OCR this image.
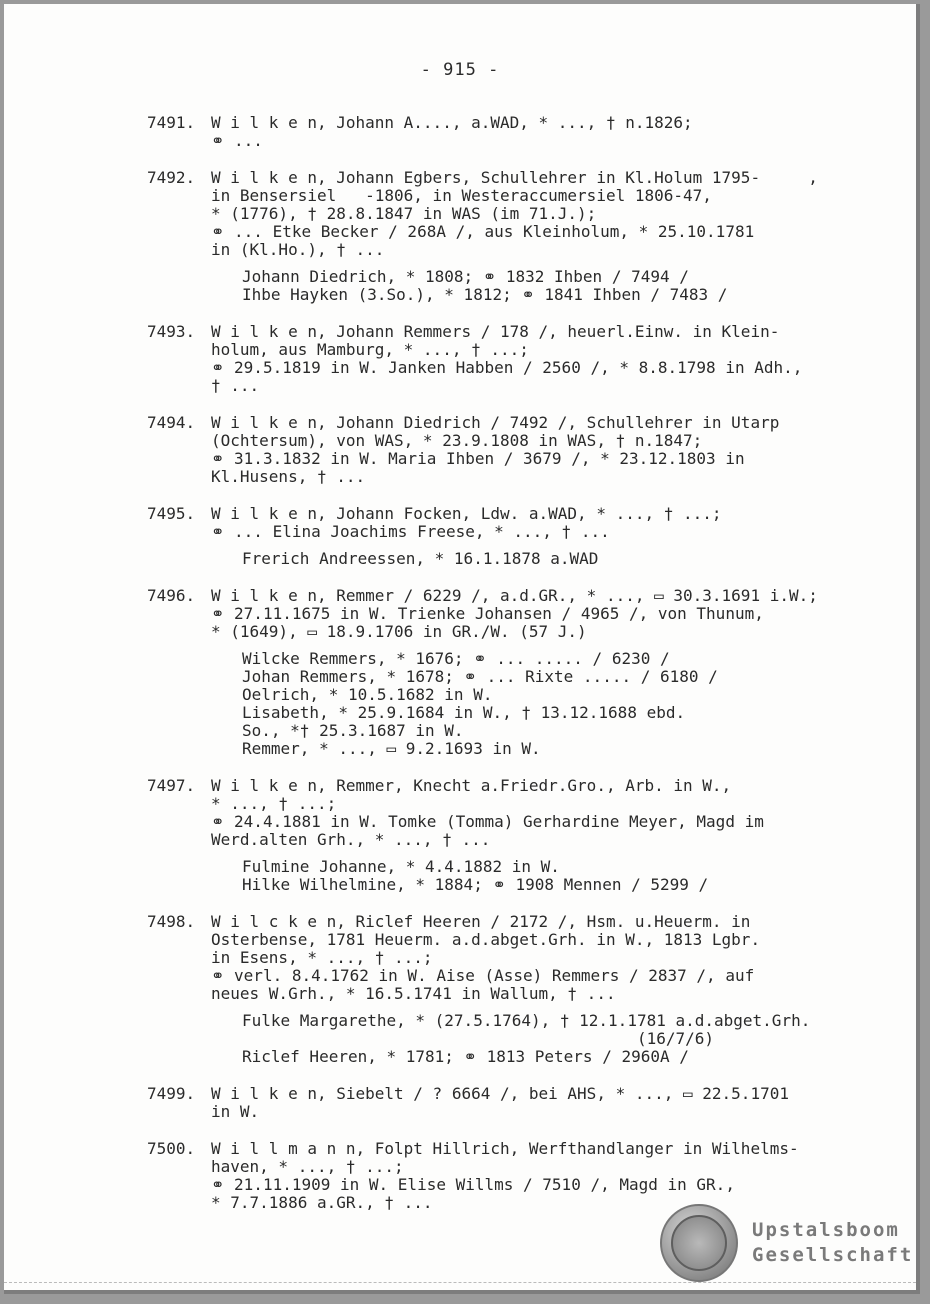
- 915 -
7491. W i l k e n, Johann A...., a.WAD, * ..., † n.1826;
⚭ ...
7492. W i l k e n, Johann Egbers, Schullehrer in Kl.Holum 1795-     ,
in Bensersiel   -1806, in Westeraccumersiel 1806-47,
* (1776), † 28.8.1847 in WAS (im 71.J.);
⚭ ... Etke Becker / 268A /, aus Kleinholum, * 25.10.1781
in (Kl.Ho.), † ...
Johann Diedrich, * 1808; ⚭ 1832 Ihben / 7494 /
Ihbe Hayken (3.So.), * 1812; ⚭ 1841 Ihben / 7483 /
7493. W i l k e n, Johann Remmers / 178 /, heuerl.Einw. in Klein-
holum, aus Mamburg, * ..., † ...;
⚭ 29.5.1819 in W. Janken Habben / 2560 /, * 8.8.1798 in Adh.,
† ...
7494. W i l k e n, Johann Diedrich / 7492 /, Schullehrer in Utarp
(Ochtersum), von WAS, * 23.9.1808 in WAS, † n.1847;
⚭ 31.3.1832 in W. Maria Ihben / 3679 /, * 23.12.1803 in
Kl.Husens, † ...
7495. W i l k e n, Johann Focken, Ldw. a.WAD, * ..., † ...;
⚭ ... Elina Joachims Freese, * ..., † ...
Frerich Andreessen, * 16.1.1878 a.WAD
7496. W i l k e n, Remmer / 6229 /, a.d.GR., * ..., ▭ 30.3.1691 i.W.;
⚭ 27.11.1675 in W. Trienke Johansen / 4965 /, von Thunum,
* (1649), ▭ 18.9.1706 in GR./W. (57 J.)
Wilcke Remmers, * 1676; ⚭ ... ..... / 6230 /
Johan Remmers, * 1678; ⚭ ... Rixte ..... / 6180 /
Oelrich, * 10.5.1682 in W.
Lisabeth, * 25.9.1684 in W., † 13.12.1688 ebd.
So., *† 25.3.1687 in W.
Remmer, * ..., ▭ 9.2.1693 in W.
7497. W i l k e n, Remmer, Knecht a.Friedr.Gro., Arb. in W.,
* ..., † ...;
⚭ 24.4.1881 in W. Tomke (Tomma) Gerhardine Meyer, Magd im
Werd.alten Grh., * ..., † ...
Fulmine Johanne, * 4.4.1882 in W.
Hilke Wilhelmine, * 1884; ⚭ 1908 Mennen / 5299 /
7498. W i l c k e n, Riclef Heeren / 2172 /, Hsm. u.Heuerm. in
Osterbense, 1781 Heuerm. a.d.abget.Grh. in W., 1813 Lgbr.
in Esens, * ..., † ...;
⚭ verl. 8.4.1762 in W. Aise (Asse) Remmers / 2837 /, auf
neues W.Grh., * 16.5.1741 in Wallum, † ...
Fulke Margarethe, * (27.5.1764), † 12.1.1781 a.d.abget.Grh.
(16/7/6)
Riclef Heeren, * 1781; ⚭ 1813 Peters / 2960A /
7499. W i l k e n, Siebelt / ? 6664 /, bei AHS, * ..., ▭ 22.5.1701
in W.
7500. W i l l m a n n, Folpt Hillrich, Werfthandlanger in Wilhelms-
haven, * ..., † ...;
⚭ 21.11.1909 in W. Elise Willms / 7510 /, Magd in GR.,
* 7.7.1886 a.GR., † ...
Upstalsboom
Gesellschaft
